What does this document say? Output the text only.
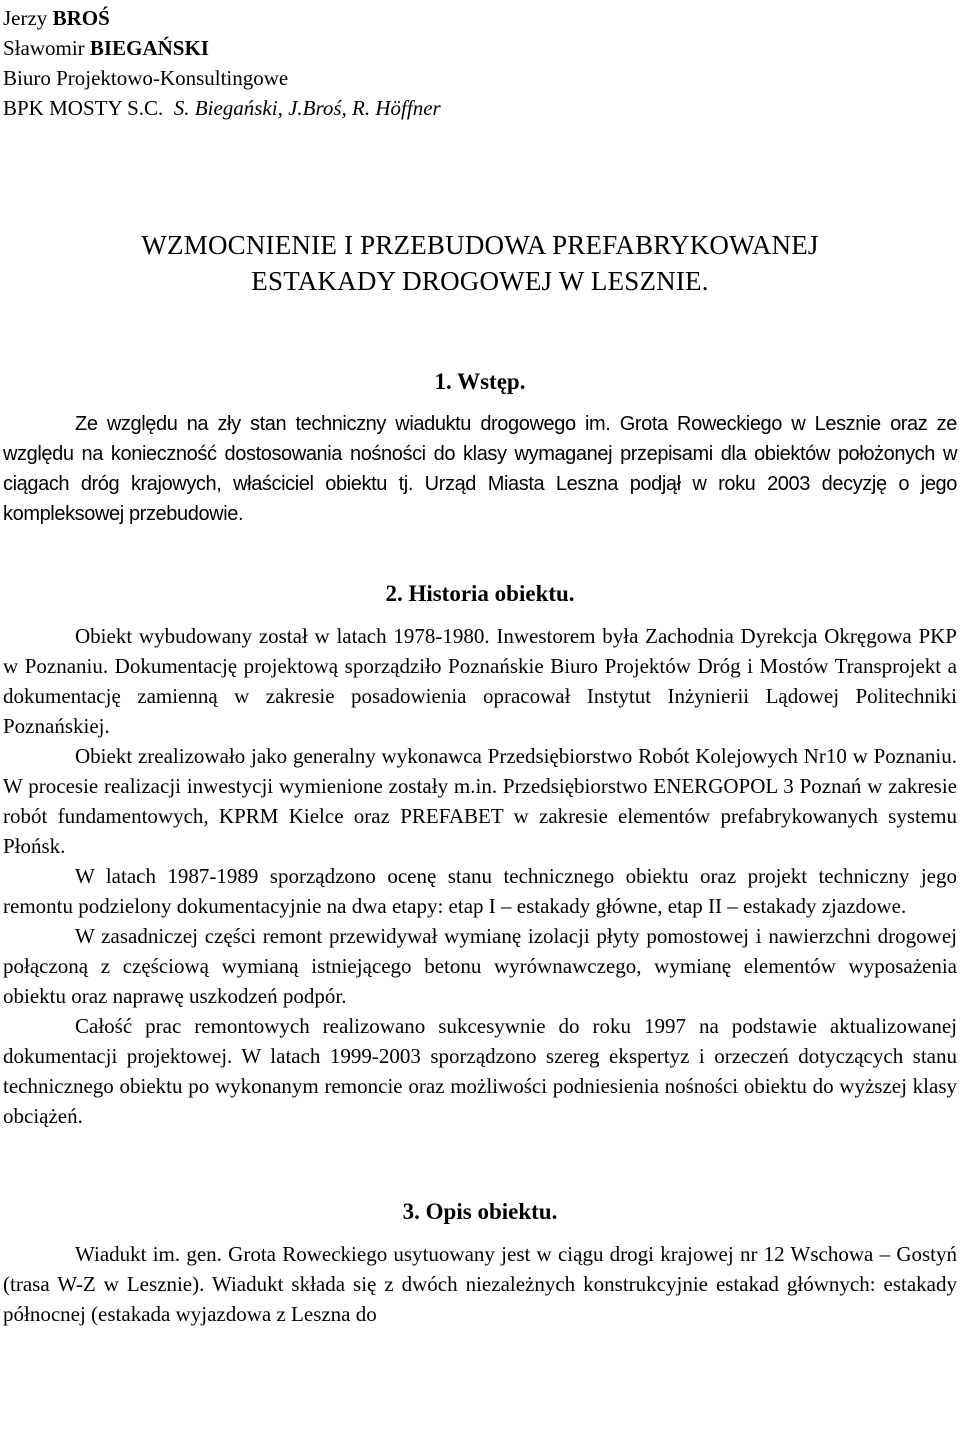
Jerzy BROŚ

Sławomir BIEGAŃSKI

Biuro Projektowo-Konsultingowe

BPK MOSTY S.C. S. Biegański, J.Broś, R. Höffner

WZMOCNIENIE I PRZEBUDOWA PREFABRYKOWANEJ
ESTAKADY DROGOWEJ W LESZNIE.
1. Wstęp.

Ze względu na zły stan techniczny wiaduktu drogowego im. Grota Roweckiego w Lesznie oraz ze względu na konieczność dostosowania nośności do klasy wymaganej przepisami dla obiektów położonych w ciągach dróg krajowych, właściciel obiektu tj. Urząd Miasta Leszna podjął w roku 2003 decyzję o jego kompleksowej przebudowie.

2. Historia obiektu.

Obiekt wybudowany został w latach 1978-1980. Inwestorem była Zachodnia Dyrekcja Okręgowa PKP w Poznaniu. Dokumentację projektową sporządziło Poznańskie Biuro Projektów Dróg i Mostów Transprojekt a dokumentację zamienną w zakresie posadowienia opracował Instytut Inżynierii Lądowej Politechniki Poznańskiej.

Obiekt zrealizowało jako generalny wykonawca Przedsiębiorstwo Robót Kolejowych Nr10 w Poznaniu. W procesie realizacji inwestycji wymienione zostały m.in. Przedsiębiorstwo ENERGOPOL 3 Poznań w zakresie robót fundamentowych, KPRM Kielce oraz PREFABET w zakresie elementów prefabrykowanych systemu Płońsk.

W latach 1987-1989 sporządzono ocenę stanu technicznego obiektu oraz projekt techniczny jego remontu podzielony dokumentacyjnie na dwa etapy: etap I – estakady główne, etap II – estakady zjazdowe.

W zasadniczej części remont przewidywał wymianę izolacji płyty pomostowej i nawierzchni drogowej połączoną z częściową wymianą istniejącego betonu wyrównawczego, wymianę elementów wyposażenia obiektu oraz naprawę uszkodzeń podpór.

Całość prac remontowych realizowano sukcesywnie do roku 1997 na podstawie aktualizowanej dokumentacji projektowej. W latach 1999-2003 sporządzono szereg ekspertyz i orzeczeń dotyczących stanu technicznego obiektu po wykonanym remoncie oraz możliwości podniesienia nośności obiektu do wyższej klasy obciążeń.

3. Opis obiektu.

Wiadukt im. gen. Grota Roweckiego usytuowany jest w ciągu drogi krajowej nr 12 Wschowa – Gostyń (trasa W-Z w Lesznie). Wiadukt składa się z dwóch niezależnych konstrukcyjnie estakad głównych: estakady północnej (estakada wyjazdowa z Leszna do
